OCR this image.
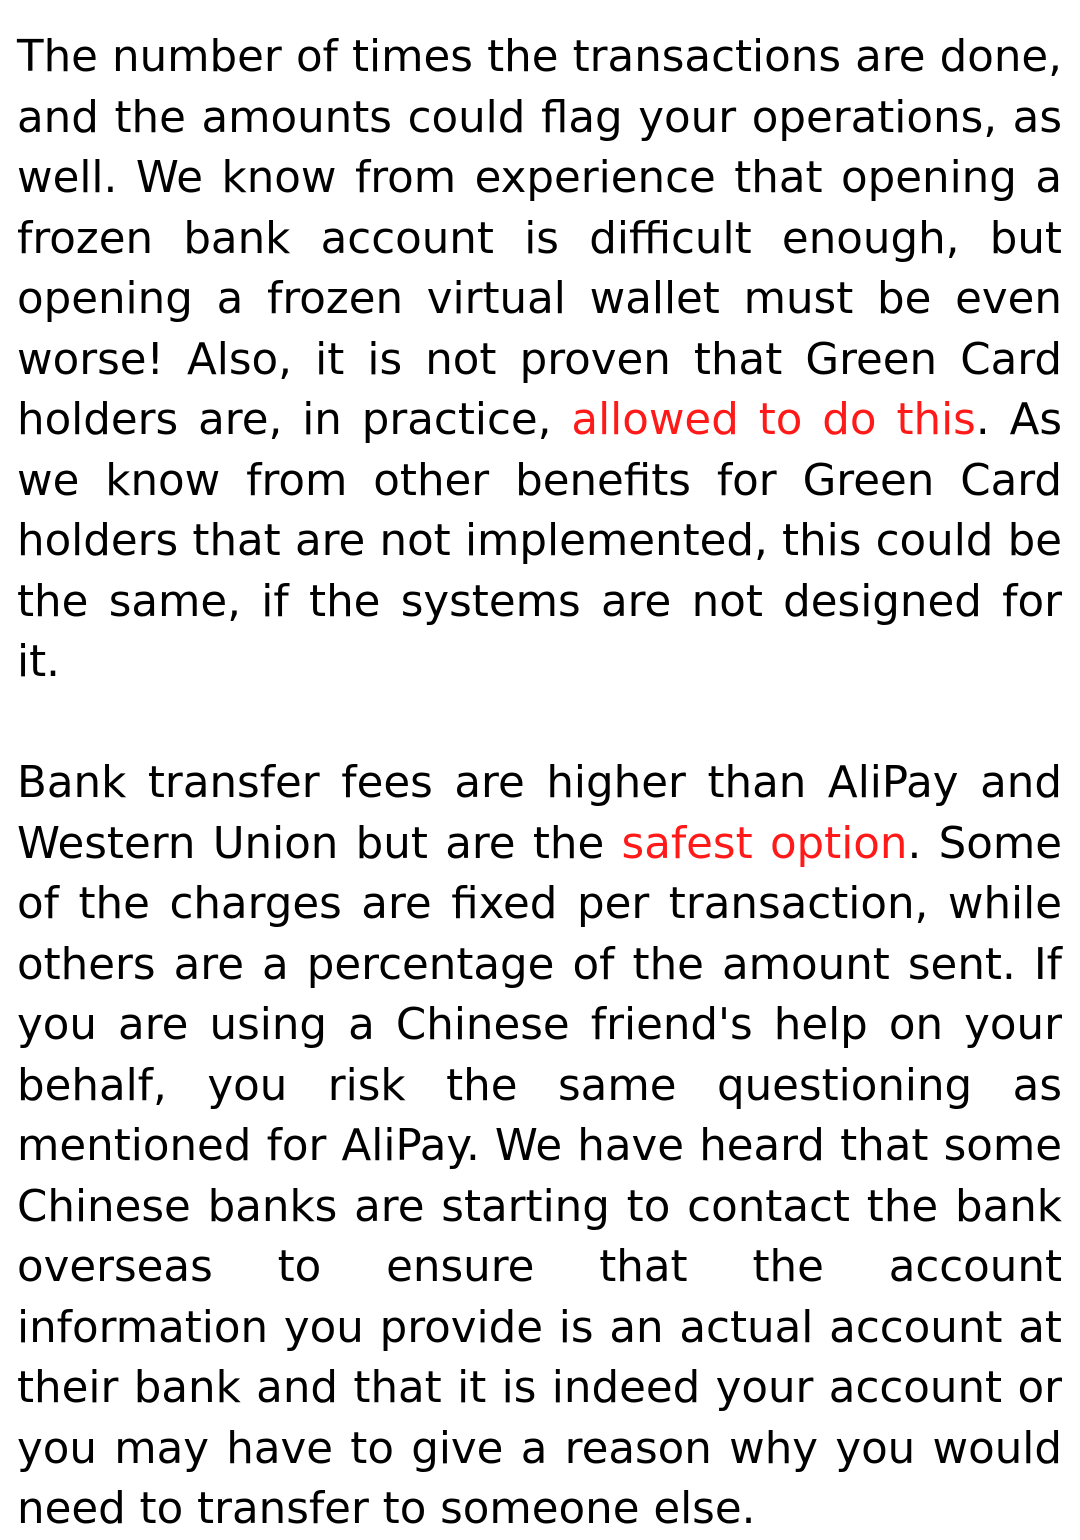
The number of times the transactions are done, and the amounts could flag your operations, as well. We know from experience that opening a frozen bank account is difficult enough, but opening a frozen virtual wallet must be even worse! Also, it is not proven that Green Card holders are, in practice, allowed to do this. As we know from other benefits for Green Card holders that are not implemented, this could be the same, if the systems are not designed for it.

Bank transfer fees are higher than AliPay and Western Union but are the safest option. Some of the charges are fixed per transaction, while others are a percentage of the amount sent. If you are using a Chinese friend's help on your behalf, you risk the same questioning as mentioned for AliPay. We have heard that some Chinese banks are starting to contact the bank overseas to ensure that the account information you provide is an actual account at their bank and that it is indeed your account or you may have to give a reason why you would need to transfer to someone else.
